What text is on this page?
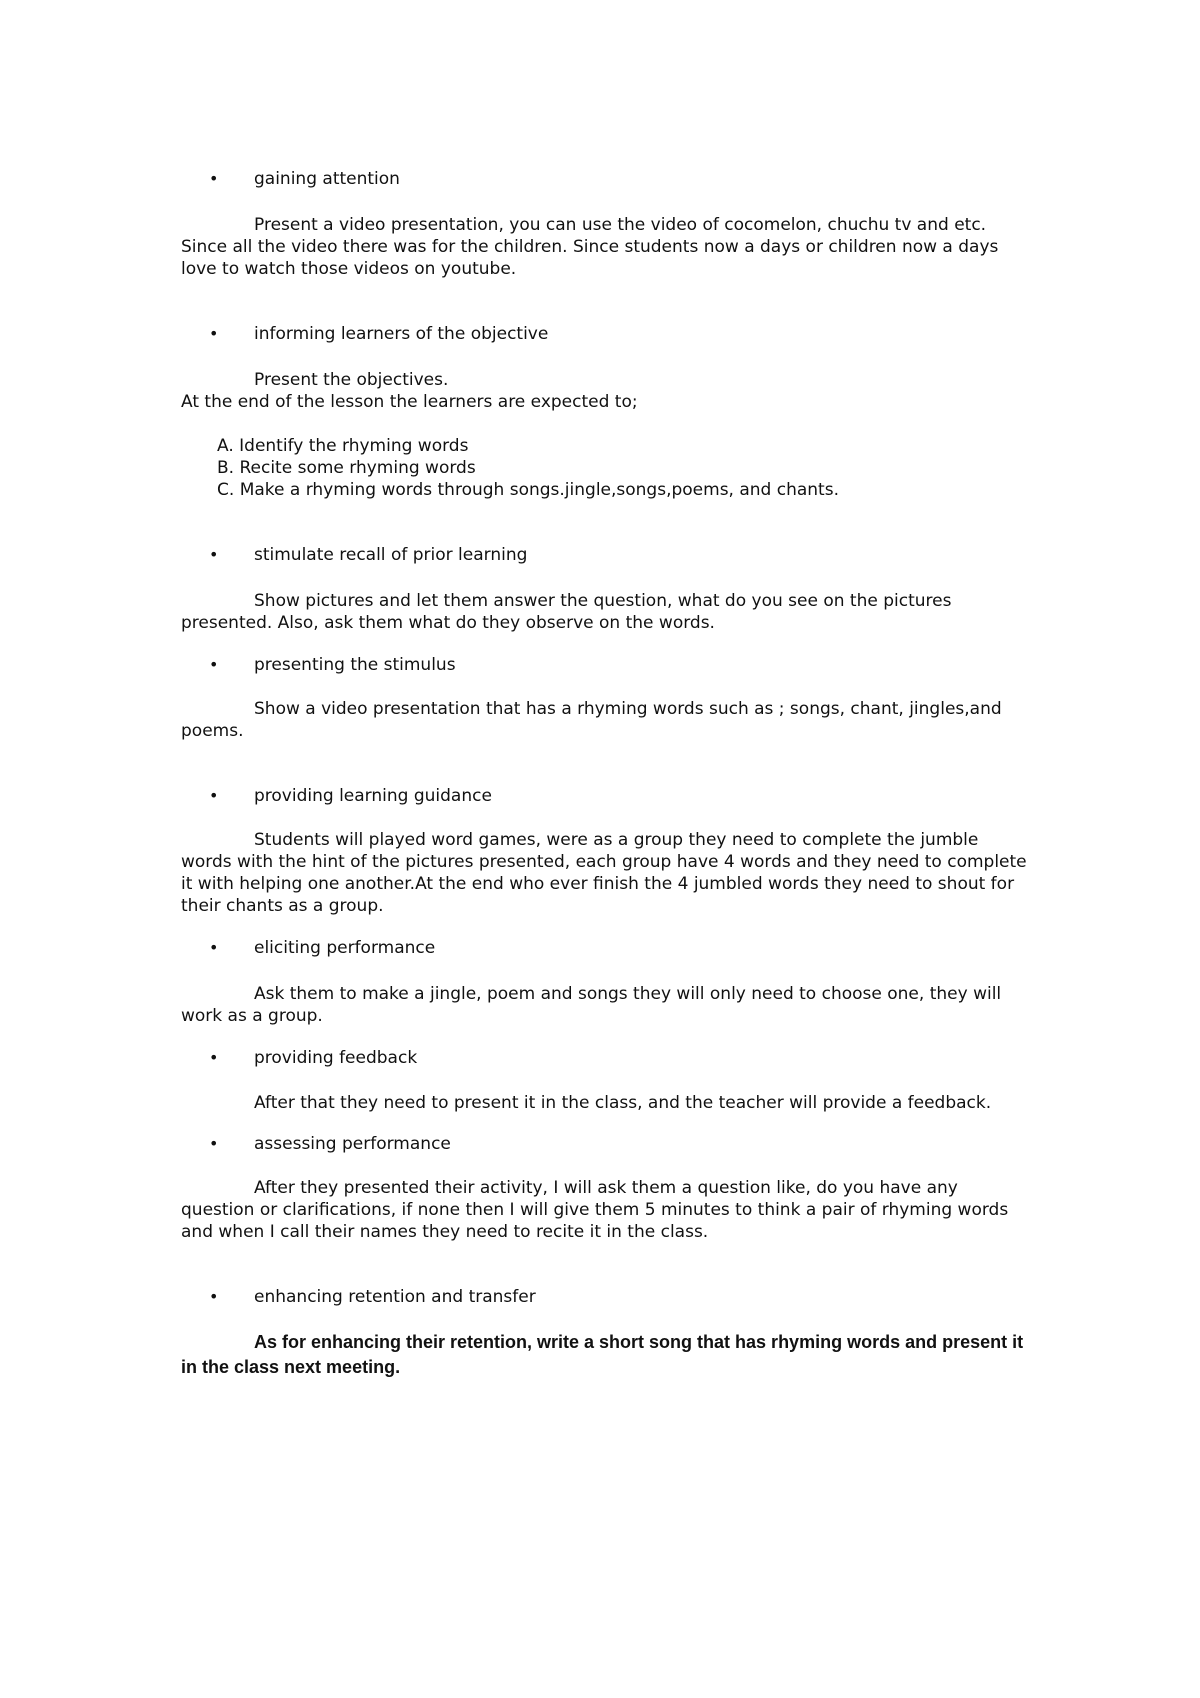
• gaining attention

Present a video presentation, you can use the video of cocomelon, chuchu tv and etc. Since all the video there was for the children. Since students now a days or children now a days love to watch those videos on youtube.

• informing learners of the objective

Present the objectives.

At the end of the lesson the learners are expected to;

A. Identify the rhyming words
B. Recite some rhyming words
C. Make a rhyming words through songs.jingle,songs,poems, and chants.
• stimulate recall of prior learning

Show pictures and let them answer the question, what do you see on the pictures presented. Also, ask them what do they observe on the words.

• presenting the stimulus

Show a video presentation that has a rhyming words such as ; songs, chant, jingles,and poems.

• providing learning guidance

Students will played word games, were as a group they need to complete the jumble words with the hint of the pictures presented, each group have 4 words and they need to complete it with helping one another.At the end who ever finish the 4 jumbled words they need to shout for their chants as a group.

• eliciting performance

Ask them to make a jingle, poem and songs they will only need to choose one, they will work as a group.

• providing feedback

After that they need to present it in the class, and the teacher will provide a feedback.

• assessing performance

After they presented their activity, I will ask them a question like, do you have any question or clarifications, if none then I will give them 5 minutes to think a pair of rhyming words and when I call their names they need to recite it in the class.

• enhancing retention and transfer

As for enhancing their retention, write a short song that has rhyming words and present it in the class next meeting.
